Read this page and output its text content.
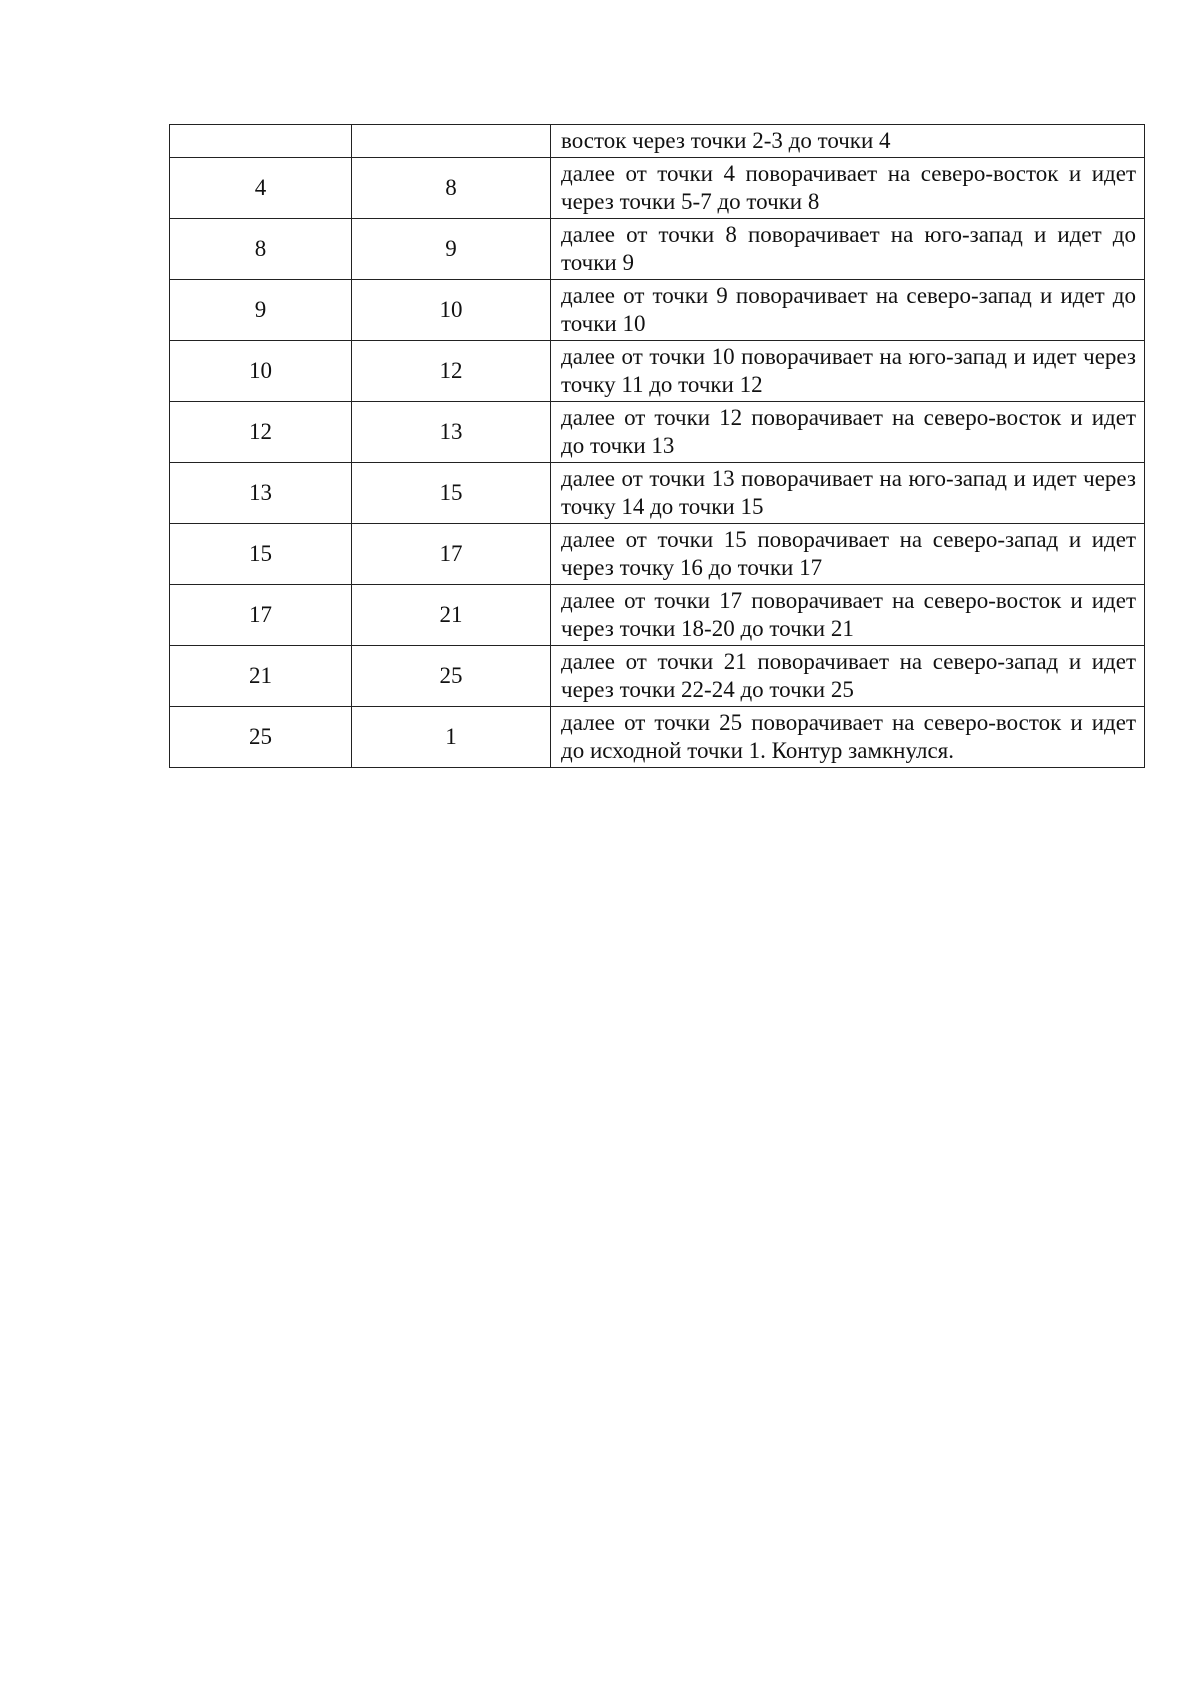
		восток через точки 2-3 до точки 4
4	8	далее от точки 4 поворачивает на северо-восток и идет через точки 5-7 до точки 8
8	9	далее от точки 8 поворачивает на юго-запад и идет до точки 9
9	10	далее от точки 9 поворачивает на северо-запад и идет до точки 10
10	12	далее от точки 10 поворачивает на юго-запад и идет через точку 11 до точки 12
12	13	далее от точки 12 поворачивает на северо-восток и идет до точки 13
13	15	далее от точки 13 поворачивает на юго-запад и идет через точку 14 до точки 15
15	17	далее от точки 15 поворачивает на северо-запад и идет через точку 16 до точки 17
17	21	далее от точки 17 поворачивает на северо-восток и идет через точки 18-20 до точки 21
21	25	далее от точки 21 поворачивает на северо-запад и идет через точки 22-24 до точки 25
25	1	далее от точки 25 поворачивает на северо-восток и идет до исходной точки 1. Контур замкнулся.
